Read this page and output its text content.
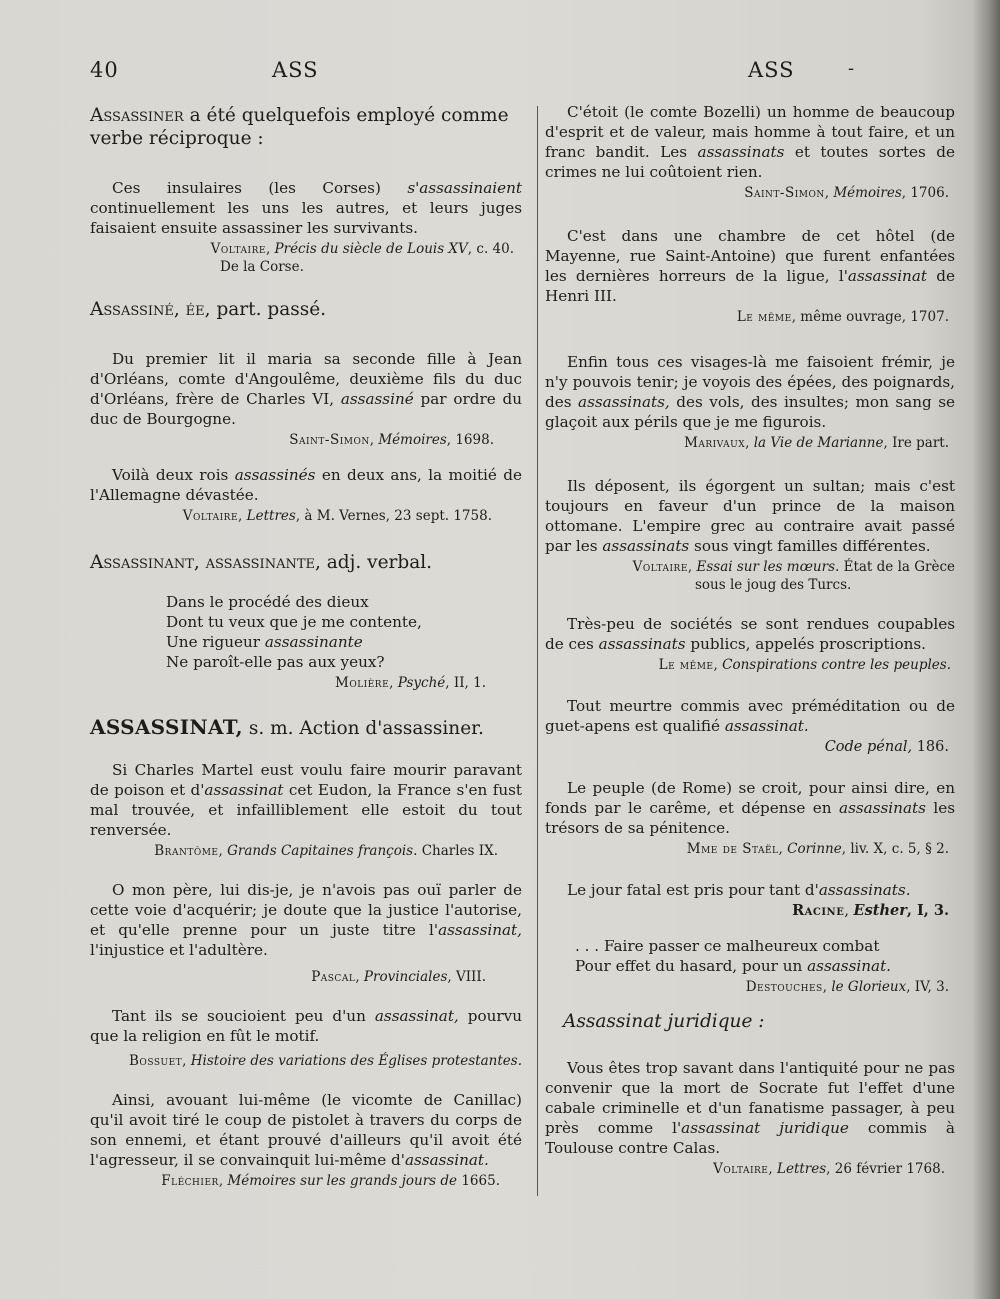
40	ASS	ASS	-
Assassiner a été quelquefois employé comme verbe réciproque :

Ces insulaires (les Corses) s'assassinaient continuellement les uns les autres, et leurs juges faisaient ensuite assassiner les survivants.

Voltaire, Précis du siècle de Louis XV, c. 40.

De la Corse.

Assassiné, ée, part. passé.

Du premier lit il maria sa seconde fille à Jean d'Orléans, comte d'Angoulême, deuxième fils du duc d'Orléans, frère de Charles VI, assassiné par ordre du duc de Bourgogne.

Saint-Simon, Mémoires, 1698.

Voilà deux rois assassinés en deux ans, la moitié de l'Allemagne dévastée.

Voltaire, Lettres, à M. Vernes, 23 sept. 1758.

Assassinant, assassinante, adj. verbal.
Dans le procédé des dieux
Dont tu veux que je me contente,
Une rigueur assassinante
Ne paroît-elle pas aux yeux?

Molière, Psyché, II, 1.

ASSASSINAT, s. m. Action d'assassiner.

Si Charles Martel eust voulu faire mourir paravant de poison et d'assassinat cet Eudon, la France s'en fust mal trouvée, et infailliblement elle estoit du tout renversée.

Brantôme, Grands Capitaines françois. Charles IX.

O mon père, lui dis-je, je n'avois pas ouï parler de cette voie d'acquérir; je doute que la justice l'autorise, et qu'elle prenne pour un juste titre l'assassinat, l'injustice et l'adultère.

Pascal, Provinciales, VIII.

Tant ils se soucioient peu d'un assassinat, pourvu que la religion en fût le motif.

Bossuet, Histoire des variations des Églises protestantes.

Ainsi, avouant lui-même (le vicomte de Canillac) qu'il avoit tiré le coup de pistolet à travers du corps de son ennemi, et étant prouvé d'ailleurs qu'il avoit été l'agresseur, il se convainquit lui-même d'assassinat.

Fléchier, Mémoires sur les grands jours de 1665.

C'étoit (le comte Bozelli) un homme de beaucoup d'esprit et de valeur, mais homme à tout faire, et un franc bandit. Les assassinats et toutes sortes de crimes ne lui coûtoient rien.

Saint-Simon, Mémoires, 1706.

C'est dans une chambre de cet hôtel (de Mayenne, rue Saint-Antoine) que furent enfantées les dernières horreurs de la ligue, l'assassinat de Henri III.

Le même, même ouvrage, 1707.

Enfin tous ces visages-là me faisoient frémir, je n'y pouvois tenir; je voyois des épées, des poignards, des assassinats, des vols, des insultes; mon sang se glaçoit aux périls que je me figurois.

Marivaux, la Vie de Marianne, Ire part.

Ils déposent, ils égorgent un sultan; mais c'est toujours en faveur d'un prince de la maison ottomane. L'empire grec au contraire avait passé par les assassinats sous vingt familles différentes.

Voltaire, Essai sur les mœurs. État de la Grèce

sous le joug des Turcs.

Très-peu de sociétés se sont rendues coupables de ces assassinats publics, appelés proscriptions.

Le même, Conspirations contre les peuples.

Tout meurtre commis avec préméditation ou de guet-apens est qualifié assassinat.

Code pénal, 186.

Le peuple (de Rome) se croit, pour ainsi dire, en fonds par le carême, et dépense en assassinats les trésors de sa pénitence.

Mme de Staël, Corinne, liv. X, c. 5, § 2.

Le jour fatal est pris pour tant d'assassinats.

Racine, Esther, I, 3.

. . . Faire passer ce malheureux combat
Pour effet du hasard, pour un assassinat.

Destouches, le Glorieux, IV, 3.

Assassinat juridique :

Vous êtes trop savant dans l'antiquité pour ne pas convenir que la mort de Socrate fut l'effet d'une cabale criminelle et d'un fanatisme passager, à peu près comme l'assassinat juridique commis à Toulouse contre Calas.

Voltaire, Lettres, 26 février 1768.
